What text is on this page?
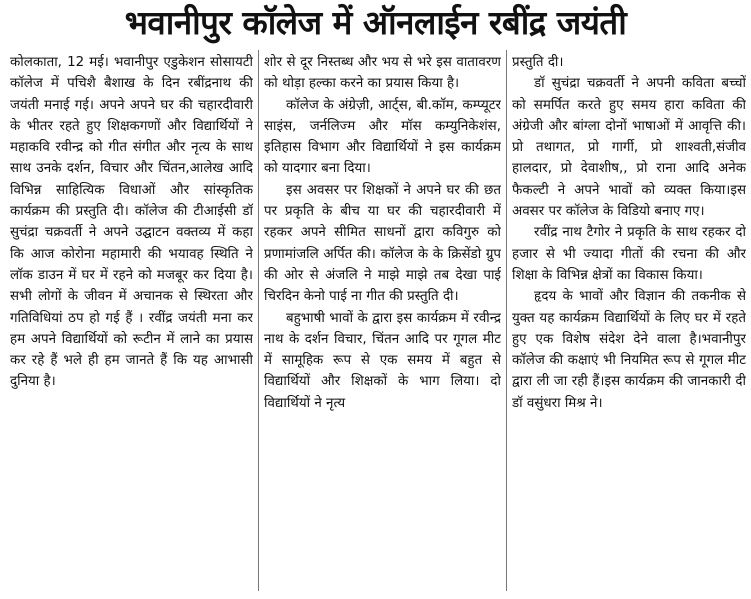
भवानीपुर कॉलेज में ऑनलाईन रबींद्र जयंती

कोलकाता, 12 मई। भवानीपुर एडुकेशन सोसायटी कॉलेज में पचिशै बैशाख के दिन रबींद्रनाथ की जयंती मनाई गई। अपने अपने घर की चहारदीवारी के भीतर रहते हुए शिक्षकगणों और विद्यार्थियों ने महाकवि रवीन्द्र को गीत संगीत और नृत्य के साथ साथ उनके दर्शन, विचार और चिंतन,आलेख आदि विभिन्न साहित्यिक विधाओं और सांस्कृतिक कार्यक्रम की प्रस्तुति दी। कॉलेज की टीआईसी डॉ सुचंद्रा चक्रवर्ती ने अपने उद्घाटन वक्तव्य में कहा कि आज कोरोना महामारी की भयावह स्थिति ने लॉक डाउन में घर में रहने को मजबूर कर दिया है।सभी लोगों के जीवन में अचानक से स्थिरता और गतिविधियां ठप हो गई हैं । रवींद्र जयंती मना कर हम अपने विद्यार्थियों को रूटीन में लाने का प्रयास कर रहे हैं भले ही हम जानते हैं कि यह आभासी दुनिया है।

शोर से दूर निस्तब्ध और भय से भरे इस वातावरण को थोड़ा हल्का करने का प्रयास किया है।

कॉलेज के अंग्रेज़ी, आर्ट्स, बी.कॉम, कम्प्यूटर साइंस, जर्नलिज्म और मॉस कम्युनिकेशंस, इतिहास विभाग और विद्यार्थियों ने इस कार्यक्रम को यादगार बना दिया।

इस अवसर पर शिक्षकों ने अपने घर की छत पर प्रकृति के बीच या घर की चहारदीवारी में रहकर अपने सीमित साधनों द्वारा कविगुरु को प्रणामांजलि अर्पित की। कॉलेज के के क्रिसेंडो ग्रुप की ओर से अंजलि ने माझे माझे तब देखा पाई चिरदिन केनो पाई ना गीत की प्रस्तुति दी।

बहुभाषी भावों के द्वारा इस कार्यक्रम में रवीन्द्र नाथ के दर्शन विचार, चिंतन आदि पर गूगल मीट में सामूहिक रूप से एक समय में बहुत से विद्यार्थियों और शिक्षकों के भाग लिया। दो विद्यार्थियों ने नृत्य

प्रस्तुति दी।

डॉ सुचंद्रा चक्रवर्ती ने अपनी कविता बच्चों को समर्पित करते हुए समय हारा कविता की अंग्रेजी और बांग्ला दोनों भाषाओं में आवृत्ति की। प्रो तथागत, प्रो गार्गी, प्रो शाश्वती,संजीव हालदार, प्रो देवाशीष,, प्रो राना आदि अनेक फैकल्टी ने अपने भावों को व्यक्त किया।इस अवसर पर कॉलेज के विडियो बनाए गए।

रवींद्र नाथ टैगोर ने प्रकृति के साथ रहकर दो हजार से भी ज्यादा गीतों की रचना की और शिक्षा के विभिन्न क्षेत्रों का विकास किया।

हृदय के भावों और विज्ञान की तकनीक से युक्त यह कार्यक्रम विद्यार्थियों के लिए घर में रहते हुए एक विशेष संदेश देने वाला है।भवानीपुर कॉलेज की कक्षाएं भी नियमित रूप से गूगल मीट द्वारा ली जा रही हैं।इस कार्यक्रम की जानकारी दी डॉ वसुंधरा मिश्र ने।
